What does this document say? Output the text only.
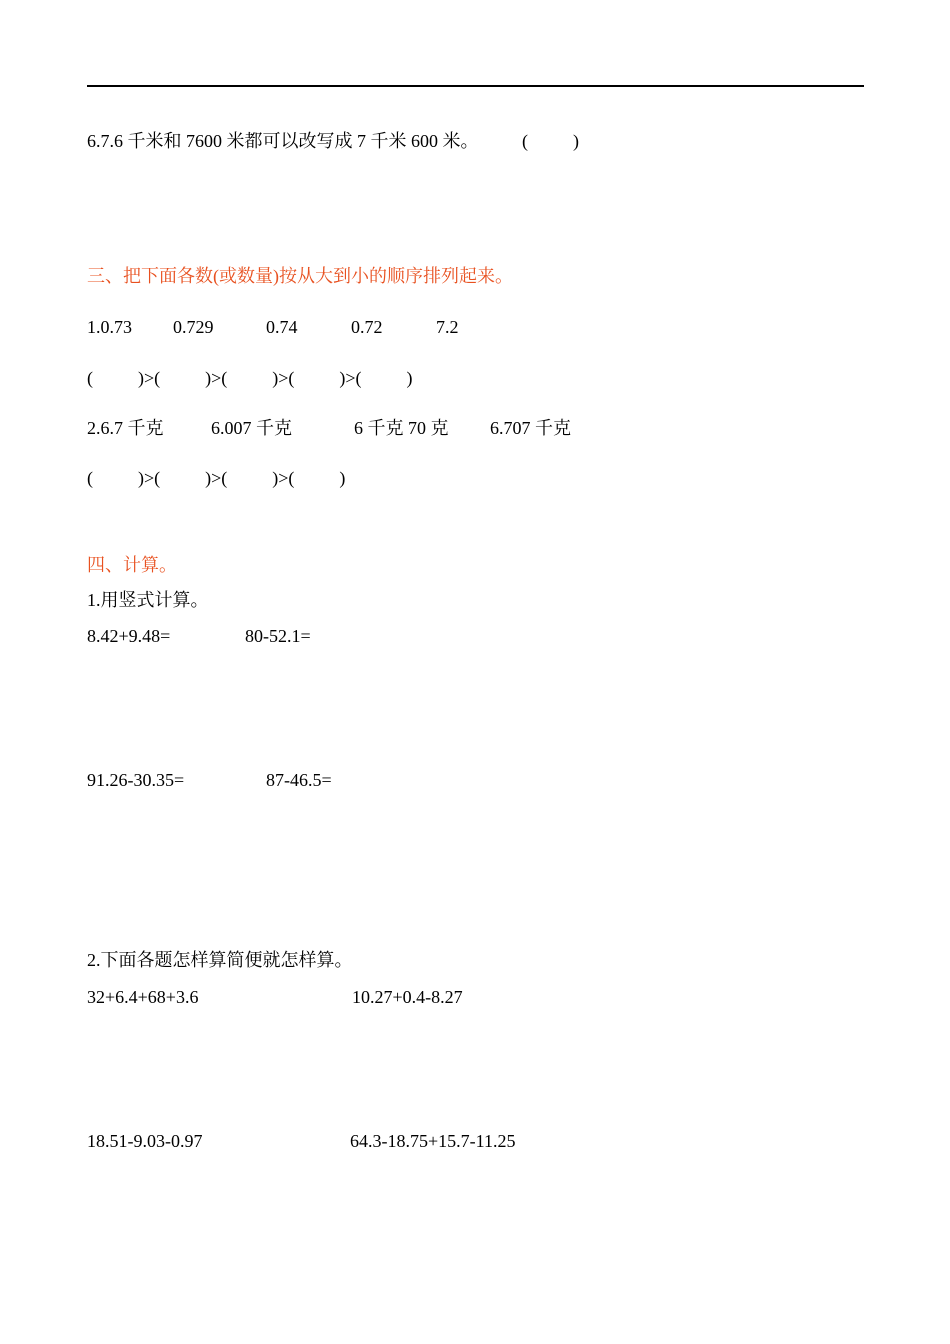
6.7.6 千米和 7600 米都可以改写成 7 千米 600 米。 (          )
三、把下面各数(或数量)按从大到小的顺序排列起来。
1.0.73 0.729	0.74	0.72	7.2
(          )>(          )>(          )>(          )>(          )
2.6.7 千克	6.007 千克	6 千克 70 克 6.707 千克
(          )>(          )>(          )>(          )
四、计算。
1.用竖式计算。
8.42+9.48=	80-52.1=
91.26-30.35=	87-46.5=
2.下面各题怎样算简便就怎样算。
32+6.4+68+3.6	10.27+0.4-8.27
18.51-9.03-0.97	64.3-18.75+15.7-11.25
